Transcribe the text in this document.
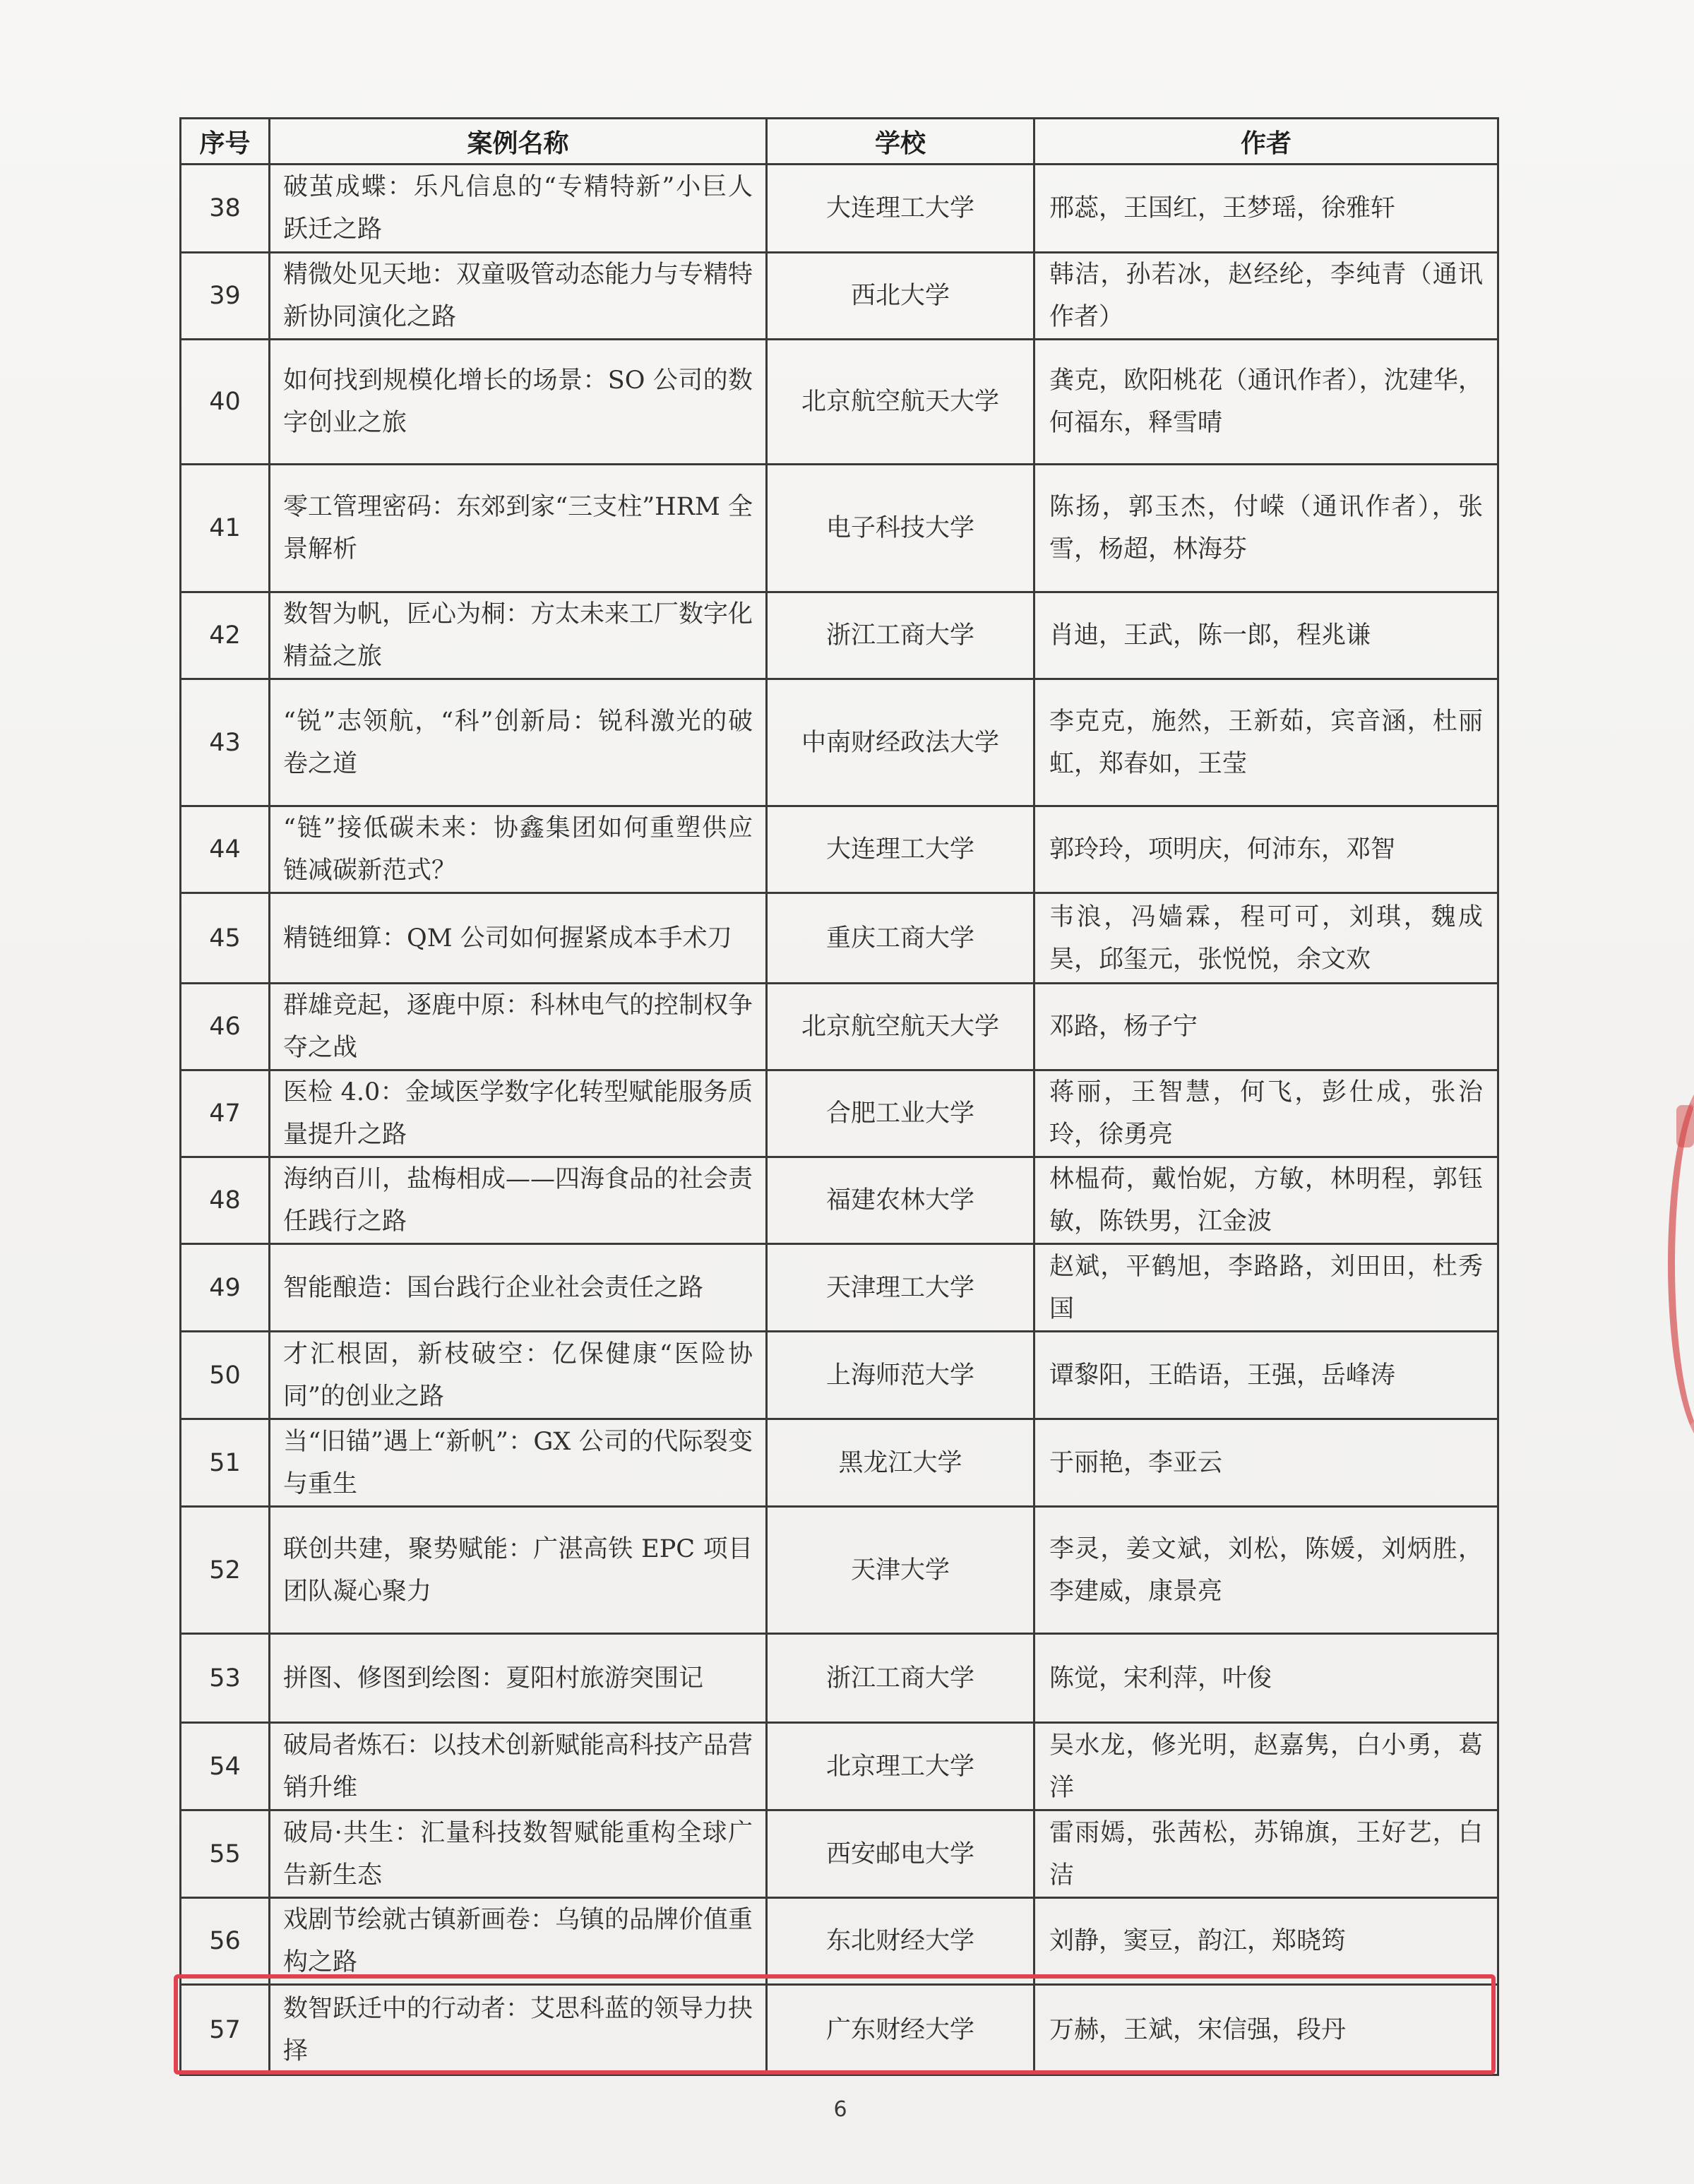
序号	案例名称	学校	作者
38	破茧成蝶：乐凡信息的“专精特新”小巨人跃迁之路	大连理工大学	邢蕊，王国红，王梦瑶，徐雅轩
39	精微处见天地：双童吸管动态能力与专精特新协同演化之路	西北大学	韩洁，孙若冰，赵经纶，李纯青（通讯作者）
40	如何找到规模化增长的场景：SO 公司的数字创业之旅	北京航空航天大学	龚克，欧阳桃花（通讯作者），沈建华，何福东，释雪晴
41	零工管理密码：东郊到家“三支柱”HRM 全景解析	电子科技大学	陈扬，郭玉杰，付嵘（通讯作者），张雪，杨超，林海芬
42	数智为帆，匠心为桐：方太未来工厂数字化精益之旅	浙江工商大学	肖迪，王武，陈一郎，程兆谦
43	“锐”志领航，“科”创新局：锐科激光的破卷之道	中南财经政法大学	李克克，施然，王新茹，宾音涵，杜丽虹，郑春如，王莹
44	“链”接低碳未来：协鑫集团如何重塑供应链减碳新范式？	大连理工大学	郭玲玲，项明庆，何沛东，邓智
45	精链细算：QM 公司如何握紧成本手术刀	重庆工商大学	韦浪，冯嫱霖，程可可，刘琪，魏成昊，邱玺元，张悦悦，余文欢
46	群雄竞起，逐鹿中原：科林电气的控制权争夺之战	北京航空航天大学	邓路，杨子宁
47	医检 4.0：金域医学数字化转型赋能服务质量提升之路	合肥工业大学	蒋丽，王智慧，何飞，彭仕成，张治玲，徐勇亮
48	海纳百川，盐梅相成——四海食品的社会责任践行之路	福建农林大学	林榅荷，戴怡妮，方敏，林明程，郭钰敏，陈铁男，江金波
49	智能酿造：国台践行企业社会责任之路	天津理工大学	赵斌，平鹤旭，李路路，刘田田，杜秀国
50	才汇根固，新枝破空：亿保健康“医险协同”的创业之路	上海师范大学	谭黎阳，王皓语，王强，岳峰涛
51	当“旧锚”遇上“新帆”：GX 公司的代际裂变与重生	黑龙江大学	于丽艳，李亚云
52	联创共建，聚势赋能：广湛高铁 EPC 项目团队凝心聚力	天津大学	李灵，姜文斌，刘松，陈媛，刘炳胜，李建威，康景亮
53	拼图、修图到绘图：夏阳村旅游突围记	浙江工商大学	陈觉，宋利萍，叶俊
54	破局者炼石：以技术创新赋能高科技产品营销升维	北京理工大学	吴水龙，修光明，赵嘉隽，白小勇，葛洋
55	破局·共生：汇量科技数智赋能重构全球广告新生态	西安邮电大学	雷雨嫣，张茜松，苏锦旗，王好艺，白洁
56	戏剧节绘就古镇新画卷：乌镇的品牌价值重构之路	东北财经大学	刘静，窦豆，韵江，郑晓筠
57	数智跃迁中的行动者：艾思科蓝的领导力抉择	广东财经大学	万赫，王斌，宋信强，段丹
6
